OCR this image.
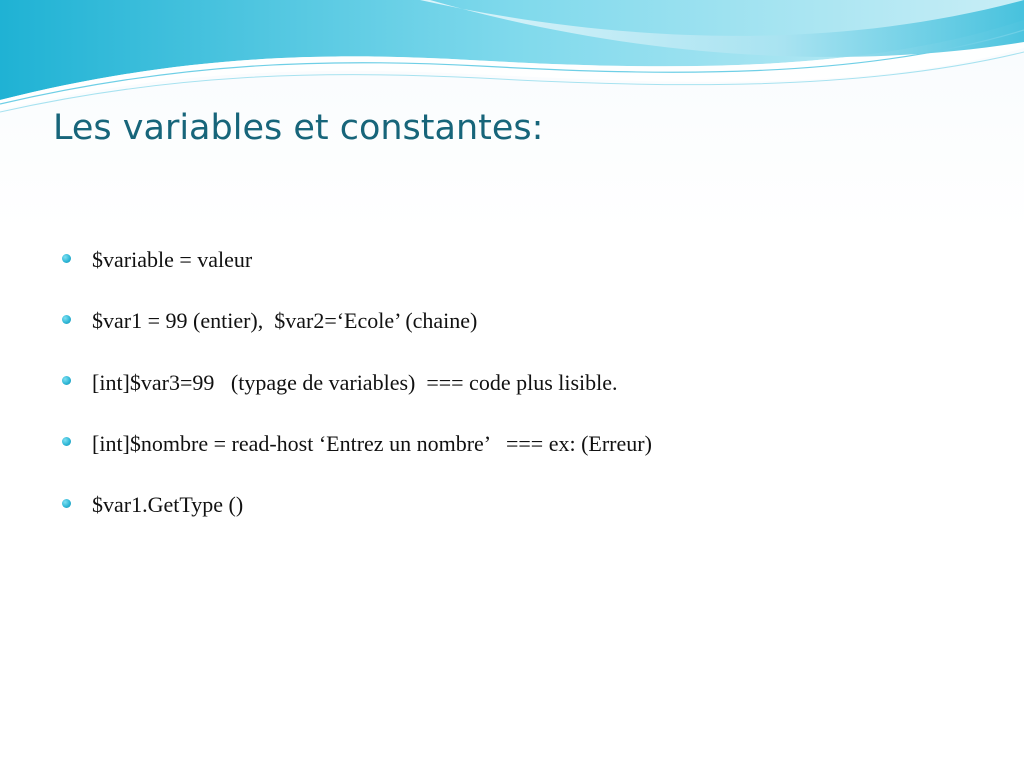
Les variables et constantes:
$variable = valeur
$var1 = 99 (entier),  $var2=‘Ecole’ (chaine)
[int]$var3=99   (typage de variables)  === code plus lisible.
[int]$nombre = read-host ‘Entrez un nombre’   === ex: (Erreur)
$var1.GetType ()
